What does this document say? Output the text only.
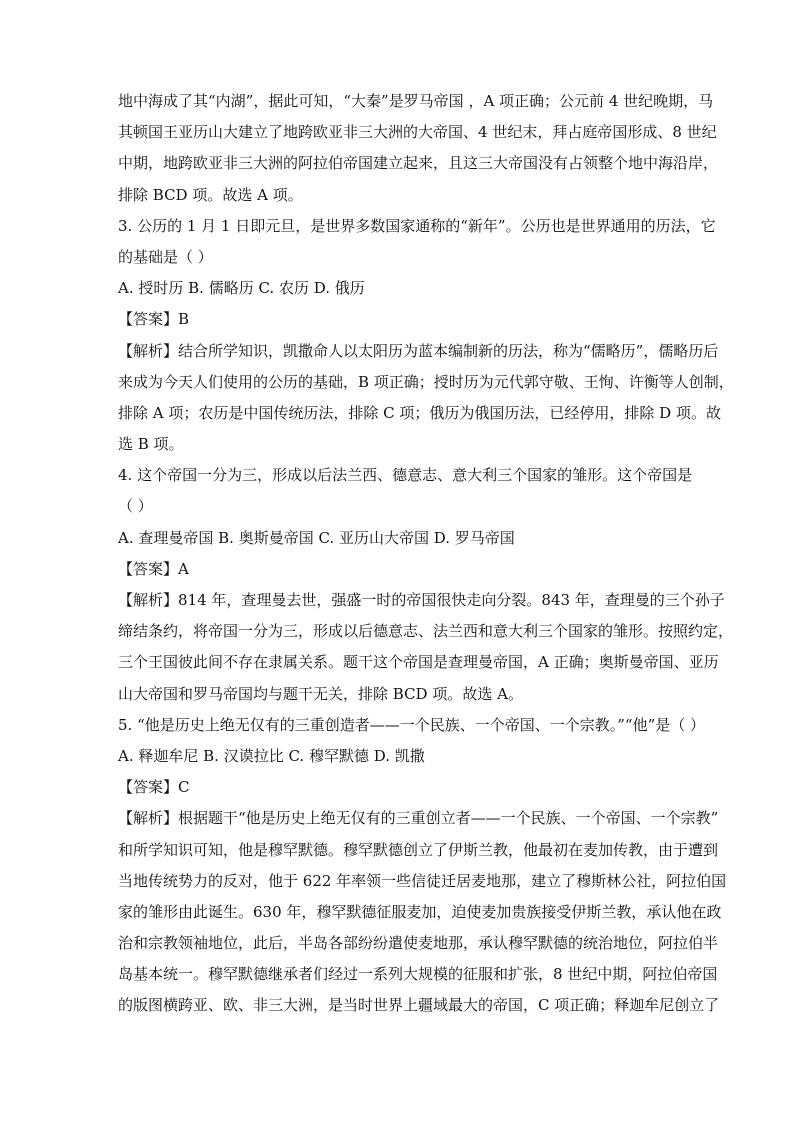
地中海成了其“内湖”，据此可知，“大秦”是罗马帝国 ，A 项正确；公元前 4 世纪晚期，马
其顿国王亚历山大建立了地跨欧亚非三大洲的大帝国、4 世纪末，拜占庭帝国形成、8 世纪
中期，地跨欧亚非三大洲的阿拉伯帝国建立起来，且这三大帝国没有占领整个地中海沿岸，
排除 BCD 项。故选 A 项。
3. 公历的 1 月 1 日即元旦，是世界多数国家通称的“新年”。公历也是世界通用的历法，它
的基础是（ ）
A. 授时历 B. 儒略历 C. 农历 D. 俄历
【答案】B
【解析】结合所学知识，凯撒命人以太阳历为蓝本编制新的历法，称为“儒略历”，儒略历后
来成为今天人们使用的公历的基础，B 项正确；授时历为元代郭守敬、王恂、许衡等人创制，
排除 A 项；农历是中国传统历法，排除 C 项；俄历为俄国历法，已经停用，排除 D 项。故
选 B 项。
4. 这个帝国一分为三，形成以后法兰西、德意志、意大利三个国家的雏形。这个帝国是
（ ）
A. 查理曼帝国 B. 奥斯曼帝国 C. 亚历山大帝国 D. 罗马帝国
【答案】A
【解析】814 年，查理曼去世，强盛一时的帝国很快走向分裂。843 年，查理曼的三个孙子
缔结条约，将帝国一分为三，形成以后德意志、法兰西和意大利三个国家的雏形。按照约定，
三个王国彼此间不存在隶属关系。题干这个帝国是查理曼帝国，A 正确；奥斯曼帝国、亚历
山大帝国和罗马帝国均与题干无关，排除 BCD 项。故选 A。
5. “他是历史上绝无仅有的三重创造者——一个民族、一个帝国、一个宗教。”“他”是（ ）
A. 释迦牟尼 B. 汉谟拉比 C. 穆罕默德 D. 凯撒
【答案】C
【解析】根据题干“他是历史上绝无仅有的三重创立者——一个民族、一个帝国、一个宗教”
和所学知识可知，他是穆罕默德。穆罕默德创立了伊斯兰教，他最初在麦加传教，由于遭到
当地传统势力的反对，他于 622 年率领一些信徒迁居麦地那，建立了穆斯林公社，阿拉伯国
家的雏形由此诞生。630 年，穆罕默德征服麦加，迫使麦加贵族接受伊斯兰教，承认他在政
治和宗教领袖地位，此后，半岛各部纷纷遣使麦地那，承认穆罕默德的统治地位，阿拉伯半
岛基本统一。穆罕默德继承者们经过一系列大规模的征服和扩张，8 世纪中期，阿拉伯帝国
的版图横跨亚、欧、非三大洲，是当时世界上疆域最大的帝国，C 项正确；释迦牟尼创立了
